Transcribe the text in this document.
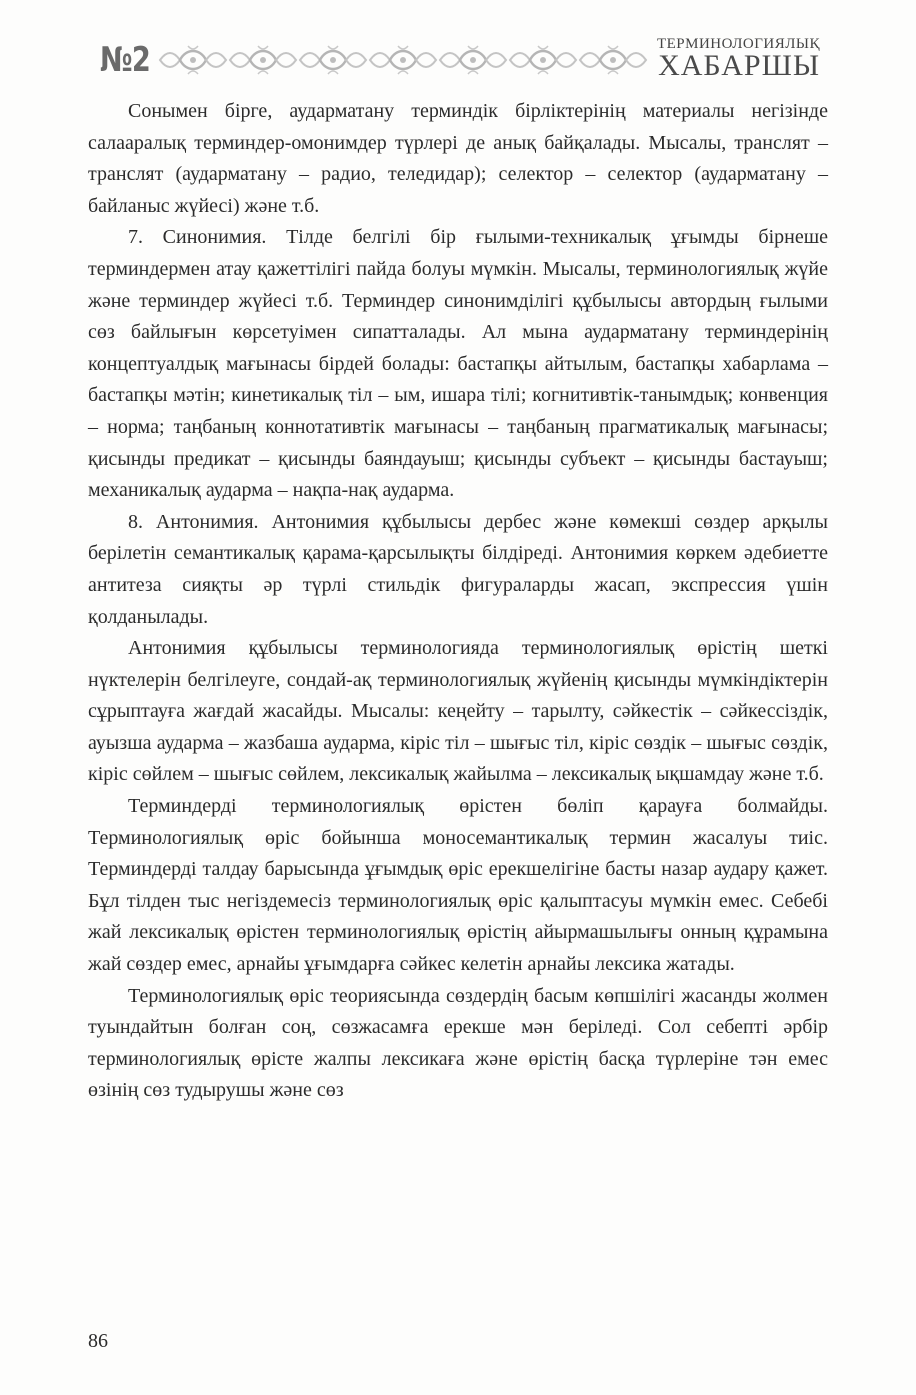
№2	ТЕРМИНОЛОГИЯЛЫҚ
ХАБАРШЫ

Сонымен бірге, аударматану терминдік бірліктерінің материалы негізінде салааралық терминдер-омонимдер түрлері де анық байқалады. Мысалы, транслят – транслят (аударматану – радио, теледидар); селектор – селектор (аударматану – байланыс жүйесі) және т.б.

7. Синонимия. Тілде белгілі бір ғылыми-техникалық ұғымды бірнеше терминдермен атау қажеттілігі пайда болуы мүмкін. Мысалы, терминологиялық жүйе және терминдер жүйесі т.б. Терминдер синонимділігі құбылысы автордың ғылыми сөз байлығын көрсетуімен сипатталады. Ал мына аударматану терминдерінің концептуалдық мағынасы бірдей болады: бастапқы айтылым, бастапқы хабарлама – бастапқы мәтін; кинетикалық тіл – ым, ишара тілі; когнитивтік-танымдық; конвенция – норма; таңбаның коннотативтік мағынасы – таңбаның прагматикалық мағынасы; қисынды предикат – қисынды баяндауыш; қисынды субъект – қисынды бастауыш; механикалық аударма – нақпа-нақ аударма.

8. Антонимия. Антонимия құбылысы дербес және көмекші сөздер арқылы берілетін семантикалық қарама-қарсылықты білдіреді. Антонимия көркем әдебиетте антитеза сияқты әр түрлі стильдік фигураларды жасап, экспрессия үшін қолданылады.

Антонимия құбылысы терминологияда терминологиялық өрістің шеткі нүктелерін белгілеуге, сондай-ақ терминологиялық жүйенің қисынды мүмкіндіктерін сұрыптауға жағдай жасайды. Мысалы: кеңейту – тарылту, сәйкестік – сәйкессіздік, ауызша аударма – жазбаша аударма, кіріс тіл – шығыс тіл, кіріс сөздік – шығыс сөздік, кіріс сөйлем – шығыс сөйлем, лексикалық жайылма – лексикалық ықшамдау және т.б.

Терминдерді терминологиялық өрістен бөліп қарауға болмайды. Терминологиялық өріс бойынша моносемантикалық термин жасалуы тиіс. Терминдерді талдау барысында ұғымдық өріс ерекшелігіне басты назар аудару қажет. Бұл тілден тыс негіздемесіз терминологиялық өріс қалыптасуы мүмкін емес. Себебі жай лексикалық өрістен терминологиялық өрістің айырмашылығы онның құрамына жай сөздер емес, арнайы ұғымдарға сәйкес келетін арнайы лексика жатады.

Терминологиялық өріс теориясында сөздердің басым көпшілігі жасанды жолмен туындайтын болған соң, сөзжасамға ерекше мән беріледі. Сол себепті әрбір терминологиялық өрісте жалпы лексикаға және өрістің басқа түрлеріне тән емес өзінің сөз тудырушы және сөз

86
